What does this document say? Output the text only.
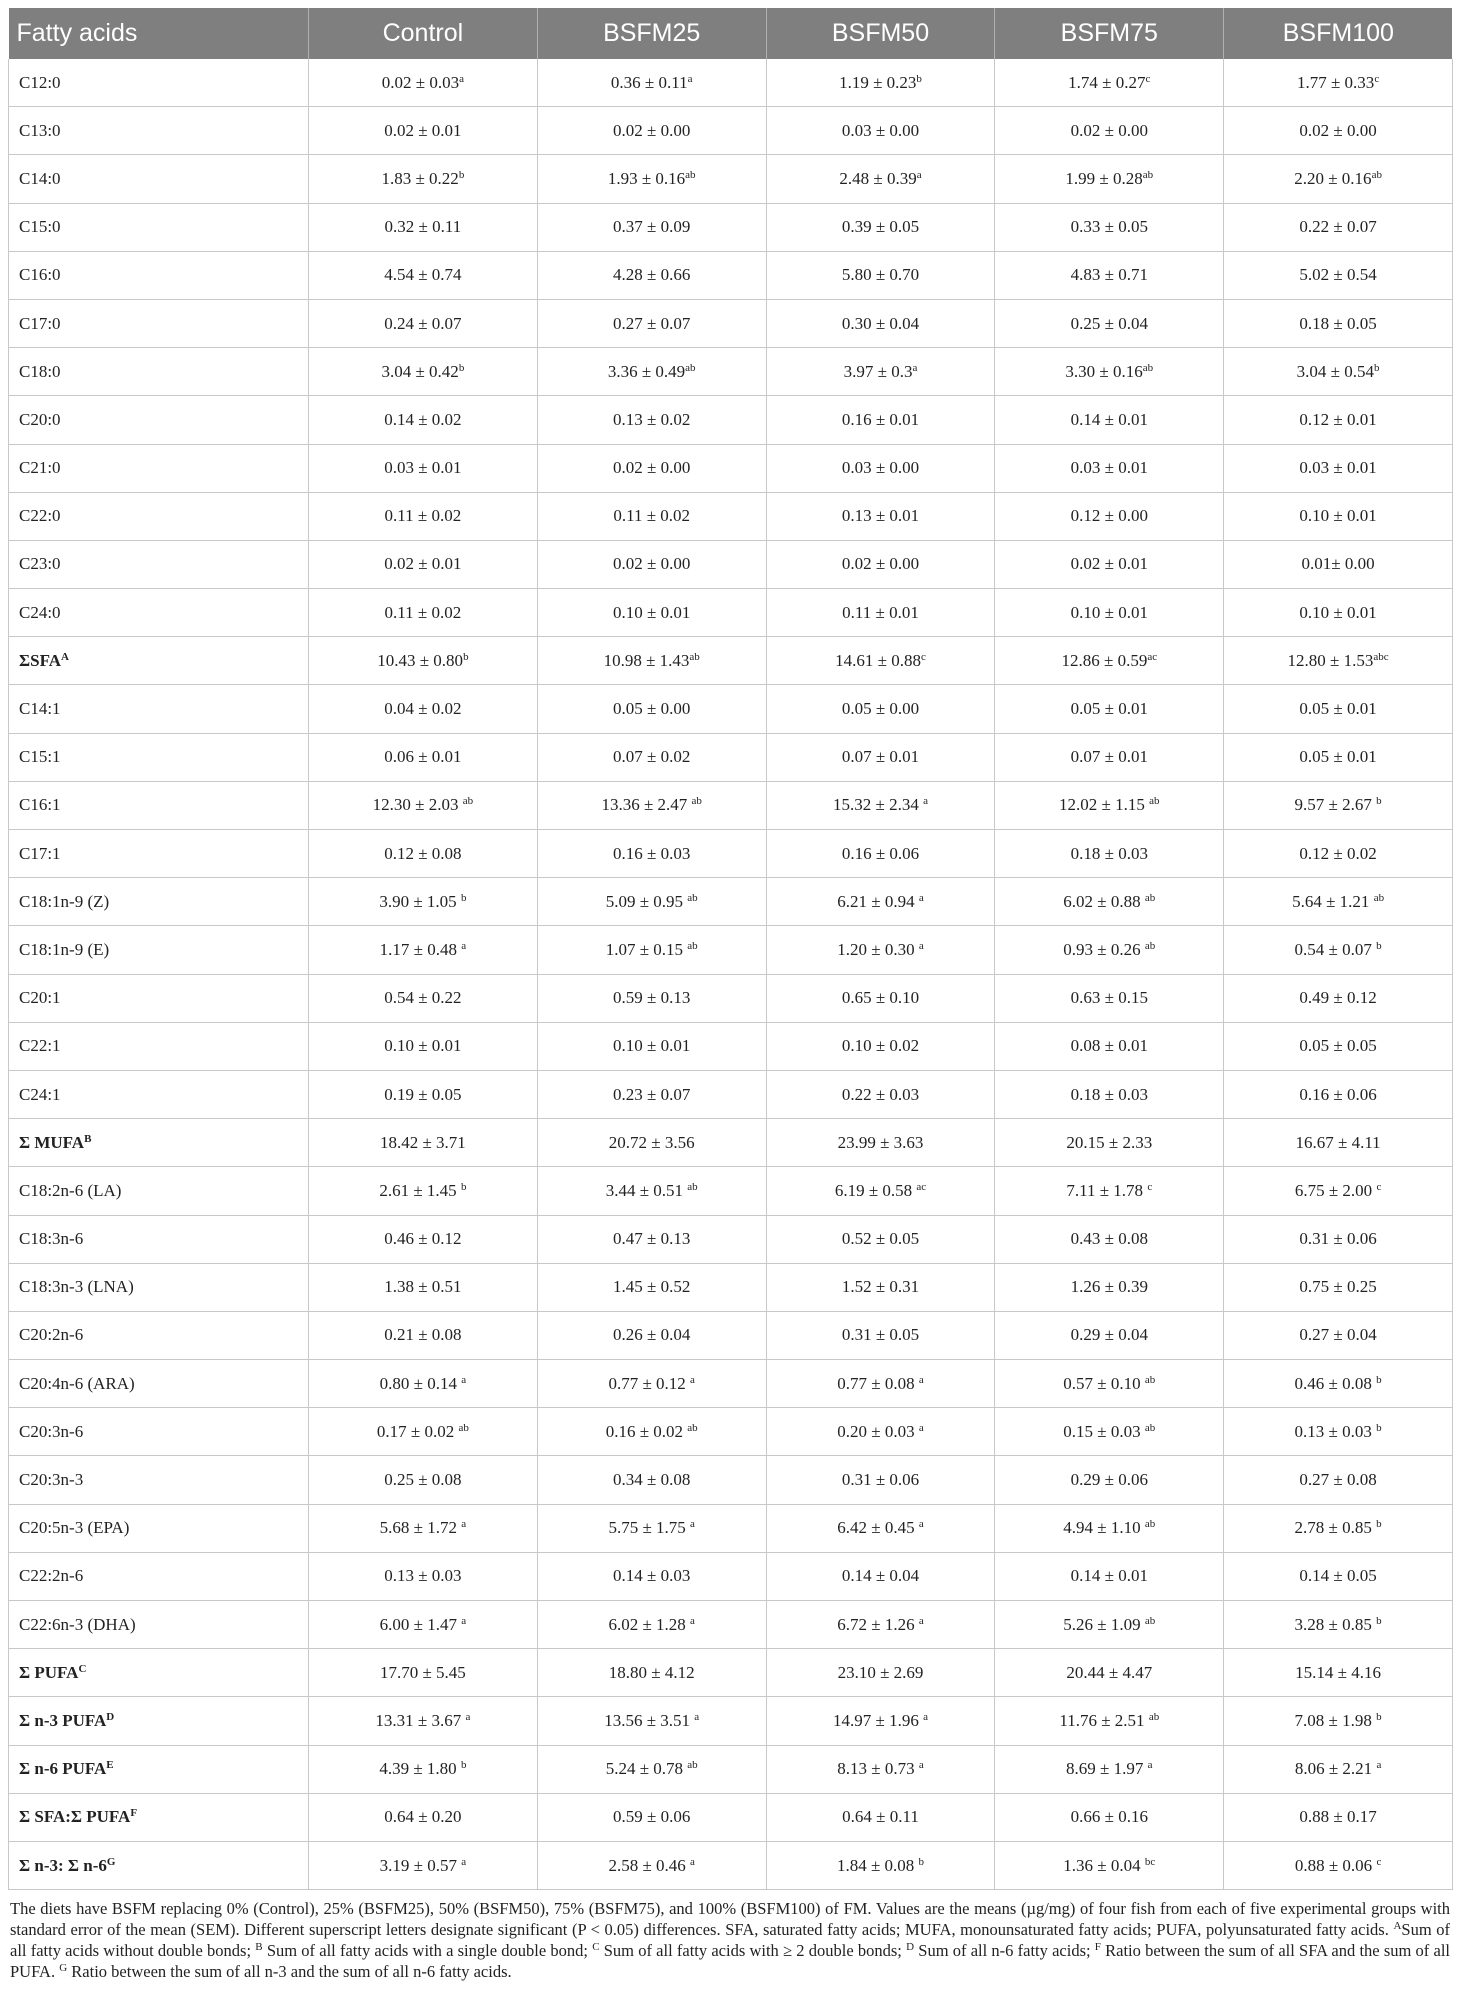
Fatty acids	Control	BSFM25	BSFM50	BSFM75	BSFM100
C12:0	0.02 ± 0.03$^a$	0.36 ± 0.11$^a$	1.19 ± 0.23$^b$	1.74 ± 0.27$^c$	1.77 ± 0.33$^c$
C13:0	0.02 ± 0.01	0.02 ± 0.00	0.03 ± 0.00	0.02 ± 0.00	0.02 ± 0.00
C14:0	1.83 ± 0.22$^b$	1.93 ± 0.16$^{ab}$	2.48 ± 0.39$^a$	1.99 ± 0.28$^{ab}$	2.20 ± 0.16$^{ab}$
C15:0	0.32 ± 0.11	0.37 ± 0.09	0.39 ± 0.05	0.33 ± 0.05	0.22 ± 0.07
C16:0	4.54 ± 0.74	4.28 ± 0.66	5.80 ± 0.70	4.83 ± 0.71	5.02 ± 0.54
C17:0	0.24 ± 0.07	0.27 ± 0.07	0.30 ± 0.04	0.25 ± 0.04	0.18 ± 0.05
C18:0	3.04 ± 0.42$^b$	3.36 ± 0.49$^{ab}$	3.97 ± 0.3$^a$	3.30 ± 0.16$^{ab}$	3.04 ± 0.54$^b$
C20:0	0.14 ± 0.02	0.13 ± 0.02	0.16 ± 0.01	0.14 ± 0.01	0.12 ± 0.01
C21:0	0.03 ± 0.01	0.02 ± 0.00	0.03 ± 0.00	0.03 ± 0.01	0.03 ± 0.01
C22:0	0.11 ± 0.02	0.11 ± 0.02	0.13 ± 0.01	0.12 ± 0.00	0.10 ± 0.01
C23:0	0.02 ± 0.01	0.02 ± 0.00	0.02 ± 0.00	0.02 ± 0.01	0.01± 0.00
C24:0	0.11 ± 0.02	0.10 ± 0.01	0.11 ± 0.01	0.10 ± 0.01	0.10 ± 0.01
$\Sigma SFA^A$	10.43 ± 0.80$^b$	10.98 ± 1.43$^{ab}$	14.61 ± 0.88$^c$	12.86 ± 0.59$^{ac}$	12.80 ± 1.53$^{abc}$
C14:1	0.04 ± 0.02	0.05 ± 0.00	0.05 ± 0.00	0.05 ± 0.01	0.05 ± 0.01
C15:1	0.06 ± 0.01	0.07 ± 0.02	0.07 ± 0.01	0.07 ± 0.01	0.05 ± 0.01
C16:1	12.30 ± 2.03 $^{ab}$	13.36 ± 2.47 $^{ab}$	15.32 ± 2.34 $^a$	12.02 ± 1.15 $^{ab}$	9.57 ± 2.67 $^b$
C17:1	0.12 ± 0.08	0.16 ± 0.03	0.16 ± 0.06	0.18 ± 0.03	0.12 ± 0.02
C18:1n-9 (Z)	3.90 ± 1.05 $^b$	5.09 ± 0.95 $^{ab}$	6.21 ± 0.94 $^a$	6.02 ± 0.88 $^{ab}$	5.64 ± 1.21 $^{ab}$
C18:1n-9 (E)	1.17 ± 0.48 $^a$	1.07 ± 0.15 $^{ab}$	1.20 ± 0.30 $^a$	0.93 ± 0.26 $^{ab}$	0.54 ± 0.07 $^b$
C20:1	0.54 ± 0.22	0.59 ± 0.13	0.65 ± 0.10	0.63 ± 0.15	0.49 ± 0.12
C22:1	0.10 ± 0.01	0.10 ± 0.01	0.10 ± 0.02	0.08 ± 0.01	0.05 ± 0.05
C24:1	0.19 ± 0.05	0.23 ± 0.07	0.22 ± 0.03	0.18 ± 0.03	0.16 ± 0.06
Σ $MUFA^B$	18.42 ± 3.71	20.72 ± 3.56	23.99 ± 3.63	20.15 ± 2.33	16.67 ± 4.11
C18:2n-6 (LA)	2.61 ± 1.45 $^b$	3.44 ± 0.51 $^{ab}$	6.19 ± 0.58 $^{ac}$	7.11 ± 1.78 $^c$	6.75 ± 2.00 $^c$
C18:3n-6	0.46 ± 0.12	0.47 ± 0.13	0.52 ± 0.05	0.43 ± 0.08	0.31 ± 0.06
C18:3n-3 (LNA)	1.38 ± 0.51	1.45 ± 0.52	1.52 ± 0.31	1.26 ± 0.39	0.75 ± 0.25
C20:2n-6	0.21 ± 0.08	0.26 ± 0.04	0.31 ± 0.05	0.29 ± 0.04	0.27 ± 0.04
C20:4n-6 (ARA)	0.80 ± 0.14 $^a$	0.77 ± 0.12 $^a$	0.77 ± 0.08 $^a$	0.57 ± 0.10 $^{ab}$	0.46 ± 0.08 $^b$
C20:3n-6	0.17 ± 0.02 $^{ab}$	0.16 ± 0.02 $^{ab}$	0.20 ± 0.03 $^a$	0.15 ± 0.03 $^{ab}$	0.13 ± 0.03 $^b$
C20:3n-3	0.25 ± 0.08	0.34 ± 0.08	0.31 ± 0.06	0.29 ± 0.06	0.27 ± 0.08
C20:5n-3 (EPA)	5.68 ± 1.72 $^a$	5.75 ± 1.75 $^a$	6.42 ± 0.45 $^a$	4.94 ± 1.10 $^{ab}$	2.78 ± 0.85 $^b$
C22:2n-6	0.13 ± 0.03	0.14 ± 0.03	0.14 ± 0.04	0.14 ± 0.01	0.14 ± 0.05
C22:6n-3 (DHA)	6.00 ± 1.47 $^a$	6.02 ± 1.28 $^a$	6.72 ± 1.26 $^a$	5.26 ± 1.09 $^{ab}$	3.28 ± 0.85 $^b$
Σ $PUFA^C$	17.70 ± 5.45	18.80 ± 4.12	23.10 ± 2.69	20.44 ± 4.47	15.14 ± 4.16
Σ n-3 $PUFA^D$	13.31 ± 3.67 $^a$	13.56 ± 3.51 $^a$	14.97 ± 1.96 $^a$	11.76 ± 2.51 $^{ab}$	7.08 ± 1.98 $^b$
Σ n-6 $PUFA^E$	4.39 ± 1.80 $^b$	5.24 ± 0.78 $^{ab}$	8.13 ± 0.73 $^a$	8.69 ± 1.97 $^a$	8.06 ± 2.21 $^a$
Σ SFA:Σ $PUFA^F$	0.64 ± 0.20	0.59 ± 0.06	0.64 ± 0.11	0.66 ± 0.16	0.88 ± 0.17
Σ n-3: Σ $n-6^G$	3.19 ± 0.57 $^a$	2.58 ± 0.46 $^a$	1.84 ± 0.08 $^b$	1.36 ± 0.04 $^{bc}$	0.88 ± 0.06 $^c$
The diets have BSFM replacing 0% (Control), 25% (BSFM25), 50% (BSFM50), 75% (BSFM75), and 100% (BSFM100) of FM. Values are the means (µg/mg) of four fish from each of five experimental groups with standard error of the mean (SEM). Different superscript letters designate significant (P < 0.05) differences. SFA, saturated fatty acids; MUFA, monounsaturated fatty acids; PUFA, polyunsaturated fatty acids. $^A$Sum of all fatty acids without double bonds; $^B$ Sum of all fatty acids with a single double bond; $^C$ Sum of all fatty acids with ≥ 2 double bonds; $^D$ Sum of all n-6 fatty acids; $^F$ Ratio between the sum of all SFA and the sum of all PUFA. $^G$ Ratio between the sum of all n-3 and the sum of all n-6 fatty acids.
